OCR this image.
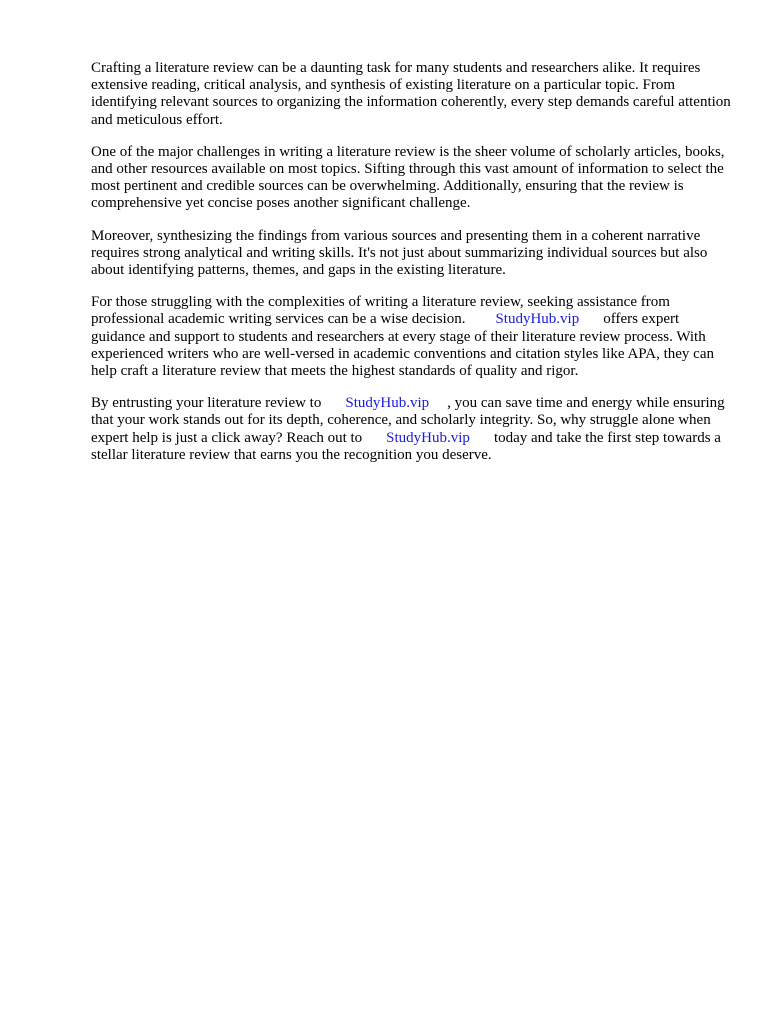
Crafting a literature review can be a daunting task for many students and researchers alike. It requires extensive reading, critical analysis, and synthesis of existing literature on a particular topic. From identifying relevant sources to organizing the information coherently, every step demands careful attention and meticulous effort.

One of the major challenges in writing a literature review is the sheer volume of scholarly articles, books, and other resources available on most topics. Sifting through this vast amount of information to select the most pertinent and credible sources can be overwhelming. Additionally, ensuring that the review is comprehensive yet concise poses another significant challenge.

Moreover, synthesizing the findings from various sources and presenting them in a coherent narrative requires strong analytical and writing skills. It's not just about summarizing individual sources but also about identifying patterns, themes, and gaps in the existing literature.

For those struggling with the complexities of writing a literature review, seeking assistance from professional academic writing services can be a wise decision. StudyHub.vip offers expert guidance and support to students and researchers at every stage of their literature review process. With experienced writers who are well-versed in academic conventions and citation styles like APA, they can help craft a literature review that meets the highest standards of quality and rigor.

By entrusting your literature review to StudyHub.vip , you can save time and energy while ensuring that your work stands out for its depth, coherence, and scholarly integrity. So, why struggle alone when expert help is just a click away? Reach out to StudyHub.vip today and take the first step towards a stellar literature review that earns you the recognition you deserve.
